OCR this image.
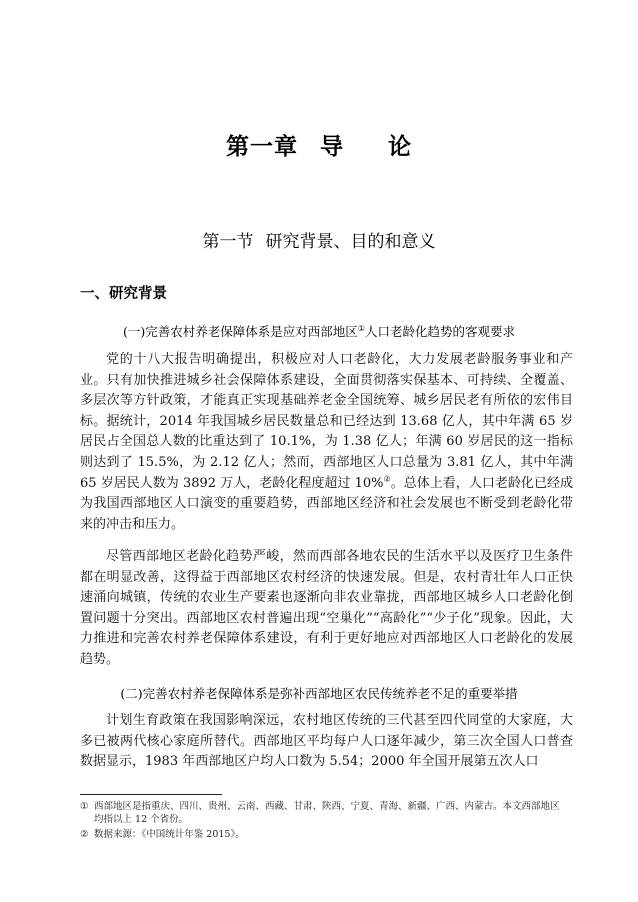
第一章 导 论
第一节 研究背景、目的和意义
一、研究背景
(一)完善农村养老保障体系是应对西部地区①人口老龄化趋势的客观要求
党的十八大报告明确提出，积极应对人口老龄化，大力发展老龄服务事业和产业。只有加快推进城乡社会保障体系建设，全面贯彻落实保基本、可持续、全覆盖、多层次等方针政策，才能真正实现基础养老金全国统筹、城乡居民老有所依的宏伟目标。据统计，2014 年我国城乡居民数量总和已经达到 13.68 亿人，其中年满 65 岁居民占全国总人数的比重达到了 10.1%，为 1.38 亿人；年满 60 岁居民的这一指标则达到了 15.5%，为 2.12 亿人；然而，西部地区人口总量为 3.81 亿人，其中年满 65 岁居民人数为 3892 万人，老龄化程度超过 10%②。总体上看，人口老龄化已经成为我国西部地区人口演变的重要趋势，西部地区经济和社会发展也不断受到老龄化带来的冲击和压力。
尽管西部地区老龄化趋势严峻，然而西部各地农民的生活水平以及医疗卫生条件都在明显改善，这得益于西部地区农村经济的快速发展。但是，农村青壮年人口正快速涌向城镇，传统的农业生产要素也逐渐向非农业靠拢，西部地区城乡人口老龄化倒置问题十分突出。西部地区农村普遍出现“空巢化”“高龄化”“少子化”现象。因此，大力推进和完善农村养老保障体系建设，有利于更好地应对西部地区人口老龄化的发展趋势。
(二)完善农村养老保障体系是弥补西部地区农民传统养老不足的重要举措
计划生育政策在我国影响深远，农村地区传统的三代甚至四代同堂的大家庭，大多已被两代核心家庭所替代。西部地区平均每户人口逐年减少，第三次全国人口普查数据显示，1983 年西部地区户均人口数为 5.54；2000 年全国开展第五次人口
① 西部地区是指重庆、四川、贵州、云南、西藏、甘肃、陕西、宁夏、青海、新疆、广西、内蒙古。本文西部地区均指以上 12 个省份。
② 数据来源：《中国统计年鉴 2015》。
